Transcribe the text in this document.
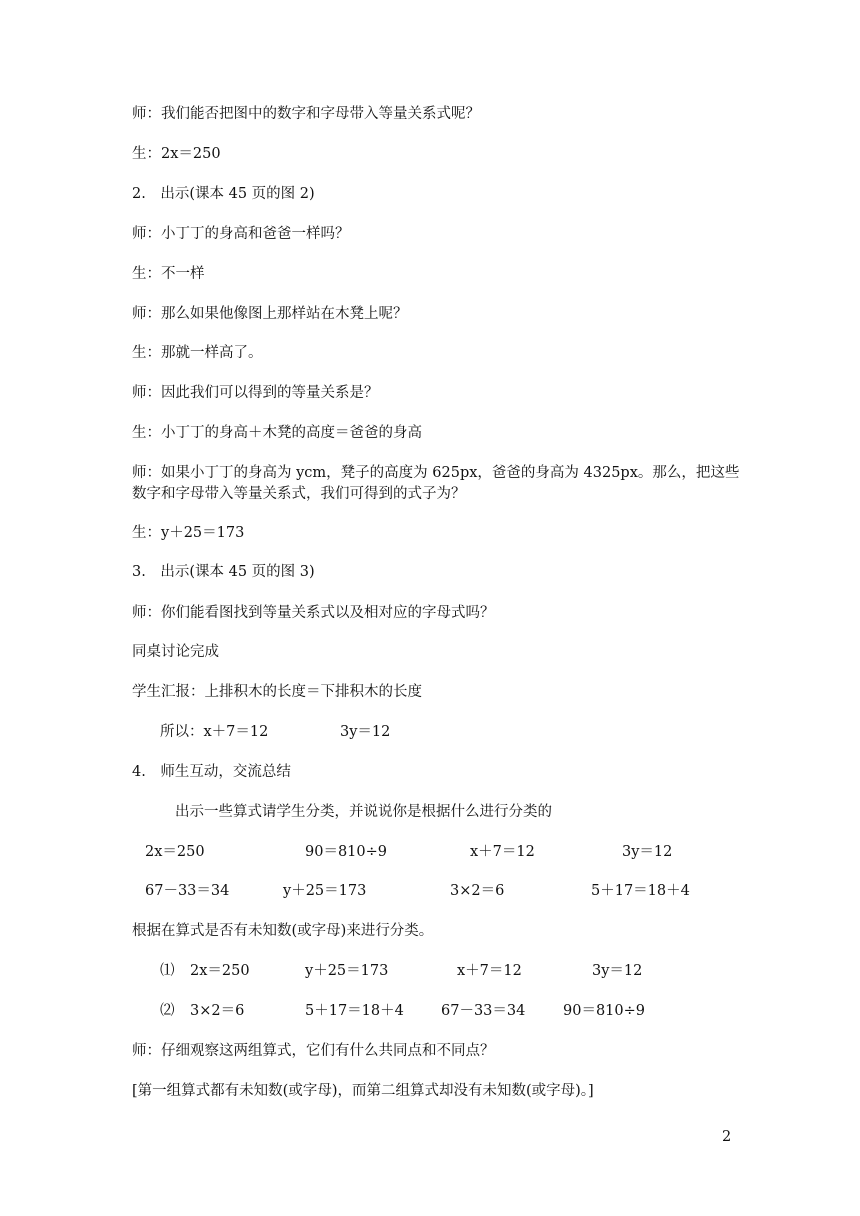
师：我们能否把图中的数字和字母带入等量关系式呢？
生：2x＝250
2.　出示(课本 45 页的图 2)
师：小丁丁的身高和爸爸一样吗？
生：不一样
师：那么如果他像图上那样站在木凳上呢？
生：那就一样高了。
师：因此我们可以得到的等量关系是？
生：小丁丁的身高＋木凳的高度＝爸爸的身高
师：如果小丁丁的身高为 ycm，凳子的高度为 625px，爸爸的身高为 4325px。那么，把这些
数字和字母带入等量关系式，我们可得到的式子为？
生：y＋25＝173
3.　出示(课本 45 页的图 3)
师：你们能看图找到等量关系式以及相对应的字母式吗？
同桌讨论完成
学生汇报：上排积木的长度＝下排积木的长度
所以：x＋7＝12	3y＝12
4.　师生互动，交流总结
出示一些算式请学生分类，并说说你是根据什么进行分类的
2x＝250	90＝810÷9	x＋7＝12	3y＝12
67－33＝34	y＋25＝173	3×2＝6	5＋17＝18＋4
根据在算式是否有未知数(或字母)来进行分类。
⑴ 2x＝250	y＋25＝173	x＋7＝12	3y＝12
⑵ 3×2＝6	5＋17＝18＋4	67－33＝34	90＝810÷9
师：仔细观察这两组算式，它们有什么共同点和不同点？
[第一组算式都有未知数(或字母)，而第二组算式却没有未知数(或字母)。]
2
